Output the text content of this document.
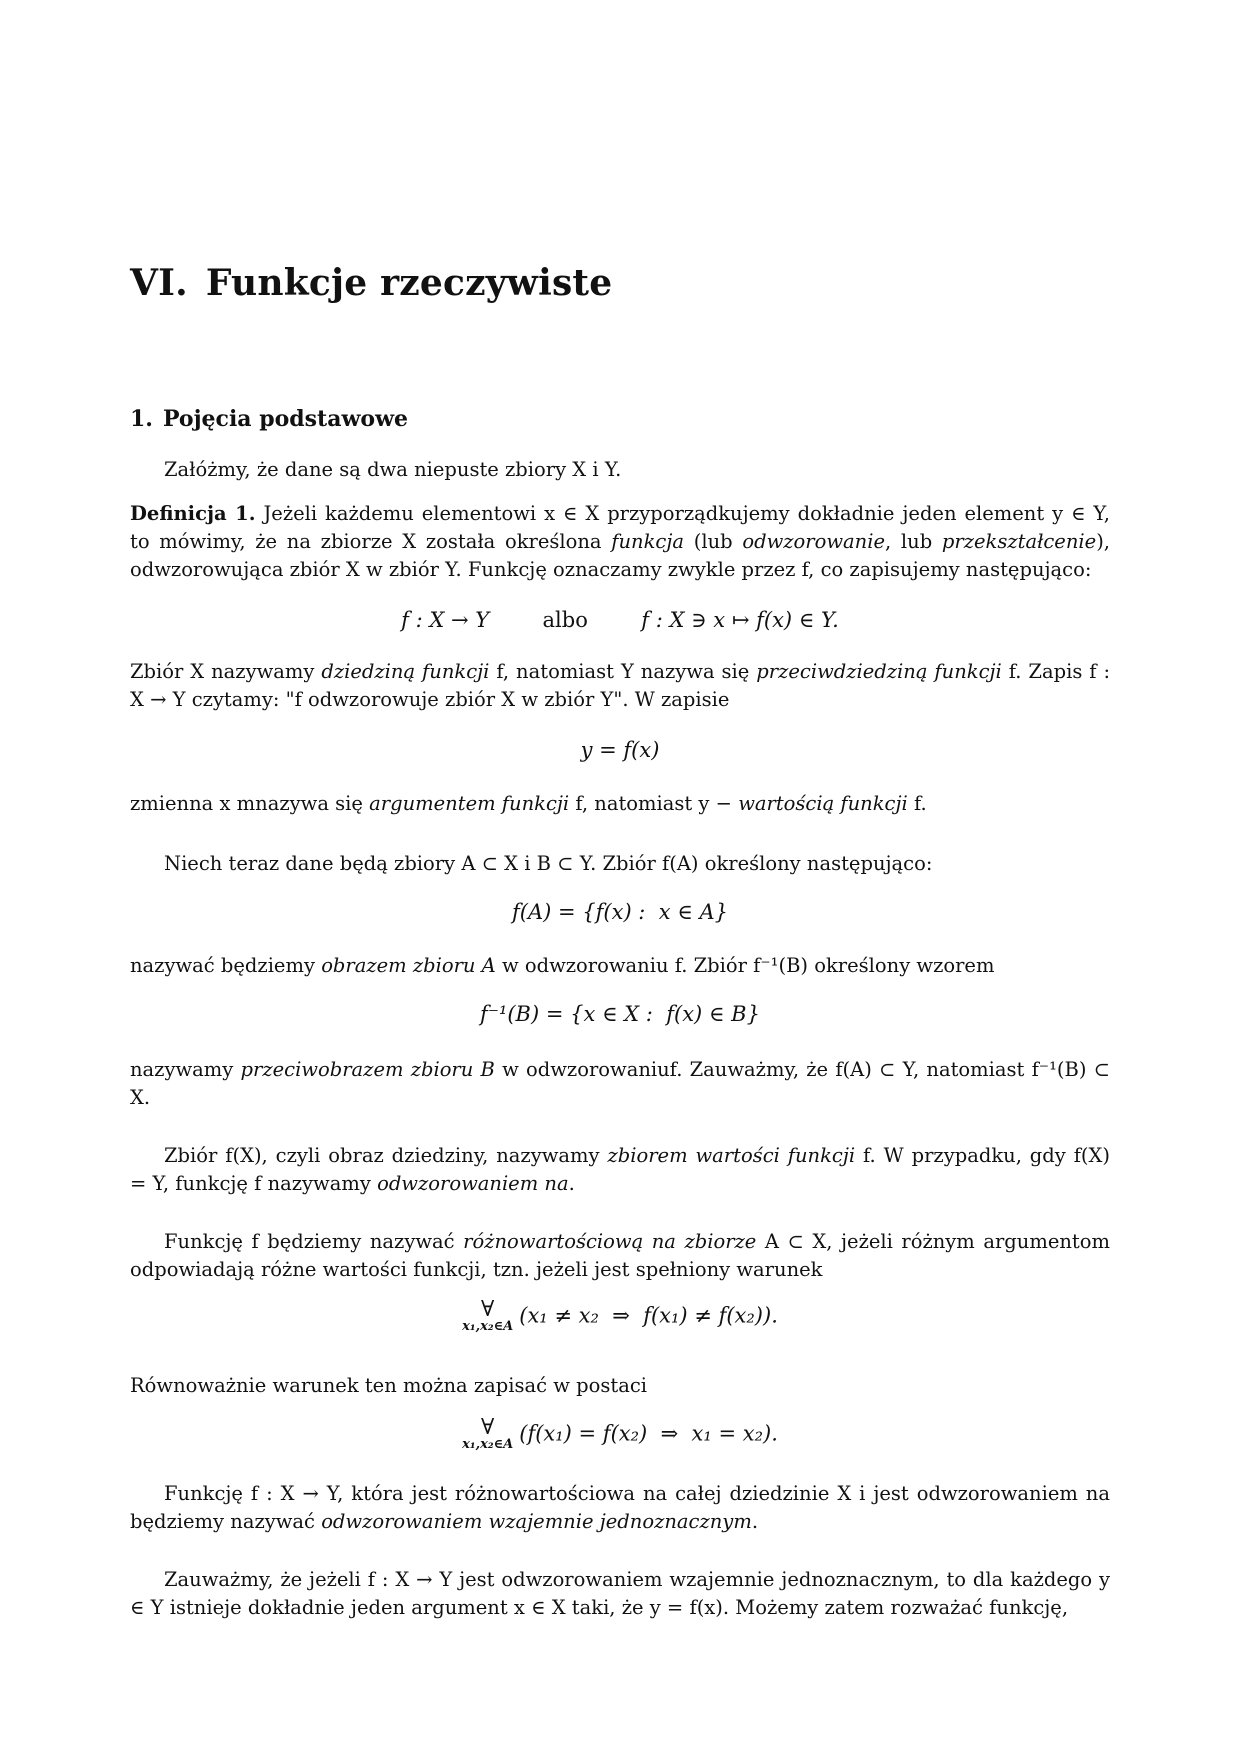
VI. Funkcje rzeczywiste
1. Pojęcia podstawowe

Załóżmy, że dane są dwa niepuste zbiory X i Y.

Definicja 1. Jeżeli każdemu elementowi x ∈ X przyporządkujemy dokładnie jeden element y ∈ Y, to mówimy, że na zbiorze X została określona funkcja (lub odwzorowanie, lub przekształcenie), odwzorowująca zbiór X w zbiór Y. Funkcję oznaczamy zwykle przez f, co zapisujemy następująco:

f : X → Y	albo	f : X ∋ x ↦ f(x) ∈ Y.

Zbiór X nazywamy dziedziną funkcji f, natomiast Y nazywa się przeciwdziedziną funkcji f. Zapis f : X → Y czytamy: "f odwzorowuje zbiór X w zbiór Y". W zapisie

y = f(x)

zmienna x mnazywa się argumentem funkcji f, natomiast y − wartością funkcji f.

Niech teraz dane będą zbiory A ⊂ X i B ⊂ Y. Zbiór f(A) określony następująco:

f(A) = {f(x) :  x ∈ A}

nazywać będziemy obrazem zbioru A w odwzorowaniu f. Zbiór f⁻¹(B) określony wzorem

f⁻¹(B) = {x ∈ X :  f(x) ∈ B}

nazywamy przeciwobrazem zbioru B w odwzorowaniuf. Zauważmy, że f(A) ⊂ Y, natomiast f⁻¹(B) ⊂ X.

Zbiór f(X), czyli obraz dziedziny, nazywamy zbiorem wartości funkcji f. W przypadku, gdy f(X) = Y, funkcję f nazywamy odwzorowaniem na.

Funkcję f będziemy nazywać różnowartościową na zbiorze A ⊂ X, jeżeli różnym argumentom odpowiadają różne wartości funkcji, tzn. jeżeli jest spełniony warunek

∀
x₁,x₂∈A (x₁ ≠ x₂  ⇒  f(x₁) ≠ f(x₂)).

Równoważnie warunek ten można zapisać w postaci

∀
x₁,x₂∈A (f(x₁) = f(x₂)  ⇒  x₁ = x₂).

Funkcję f : X → Y, która jest różnowartościowa na całej dziedzinie X i jest odwzorowaniem na będziemy nazywać odwzorowaniem wzajemnie jednoznacznym.

Zauważmy, że jeżeli f : X → Y jest odwzorowaniem wzajemnie jednoznacznym, to dla każdego y ∈ Y istnieje dokładnie jeden argument x ∈ X taki, że y = f(x). Możemy zatem rozważać funkcję,
